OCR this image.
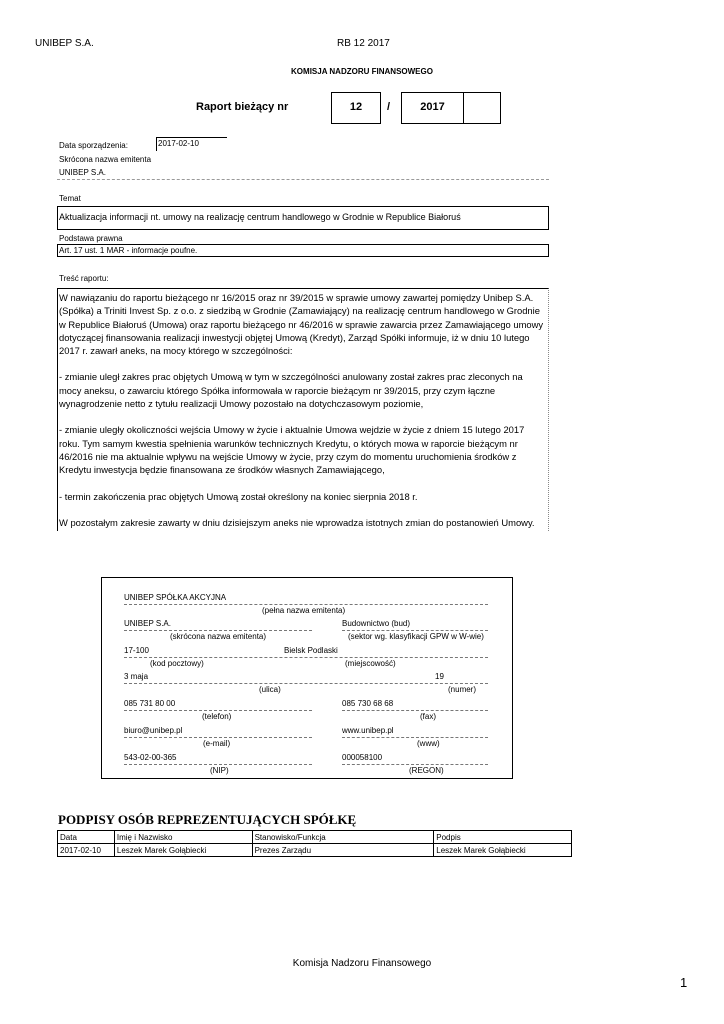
UNIBEP S.A.	RB 12 2017
KOMISJA NADZORU FINANSOWEGO
Raport bieżący nr	12	/	2017
Data sporządzenia:	2017-02-10
Skrócona nazwa emitenta
UNIBEP S.A.
Temat
Aktualizacja informacji nt. umowy na realizację centrum handlowego w Grodnie w Republice Białoruś
Podstawa prawna
Art. 17 ust. 1 MAR - informacje poufne.
Treść raportu:

W nawiązaniu do raportu bieżącego nr 16/2015 oraz nr 39/2015 w sprawie umowy zawartej pomiędzy Unibep S.A. (Spółka) a Triniti Invest Sp. z o.o. z siedzibą w Grodnie (Zamawiający) na realizację centrum handlowego w Grodnie w Republice Białoruś (Umowa) oraz raportu bieżącego nr 46/2016 w sprawie zawarcia przez Zamawiającego umowy dotyczącej finansowania realizacji inwestycji objętej Umową (Kredyt), Zarząd Spółki informuje, iż w dniu 10 lutego 2017 r. zawarł aneks, na mocy którego w szczególności:

- zmianie uległ zakres prac objętych Umową w tym w szczególności anulowany został zakres prac zleconych na mocy aneksu, o zawarciu którego Spółka informowała w raporcie bieżącym nr 39/2015, przy czym łączne wynagrodzenie netto z tytułu realizacji Umowy pozostało na dotychczasowym poziomie,

- zmianie uległy okoliczności wejścia Umowy w życie i aktualnie Umowa wejdzie w życie z dniem 15 lutego 2017 roku. Tym samym kwestia spełnienia warunków technicznych Kredytu, o których mowa w raporcie bieżącym nr 46/2016 nie ma aktualnie wpływu na wejście Umowy w życie, przy czym do momentu uruchomienia środków z Kredytu inwestycja będzie finansowana ze środków własnych Zamawiającego,

- termin zakończenia prac objętych Umową został określony na koniec sierpnia 2018 r.

W pozostałym zakresie zawarty w dniu dzisiejszym aneks nie wprowadza istotnych zmian do postanowień Umowy.

UNIBEP SPÓŁKA AKCYJNA
(pełna nazwa emitenta)
UNIBEP S.A.	Budownictwo (bud)
(skrócona nazwa emitenta)	(sektor wg. klasyfikacji GPW w W-wie)
17-100	Bielsk Podlaski
(kod pocztowy)	(miejscowość)
3 maja	19
(ulica)	(numer)
085 731 80 00	085 730 68 68
(telefon)	(fax)
biuro@unibep.pl	www.unibep.pl
(e-mail)	(www)
543-02-00-365	000058100
(NIP)	(REGON)
PODPISY OSÓB REPREZENTUJĄCYCH SPÓŁKĘ
Data	Imię i Nazwisko	Stanowisko/Funkcja	Podpis
2017-02-10	Leszek Marek Gołąbiecki	Prezes Zarządu	Leszek Marek Gołąbiecki
Komisja Nadzoru Finansowego
1
